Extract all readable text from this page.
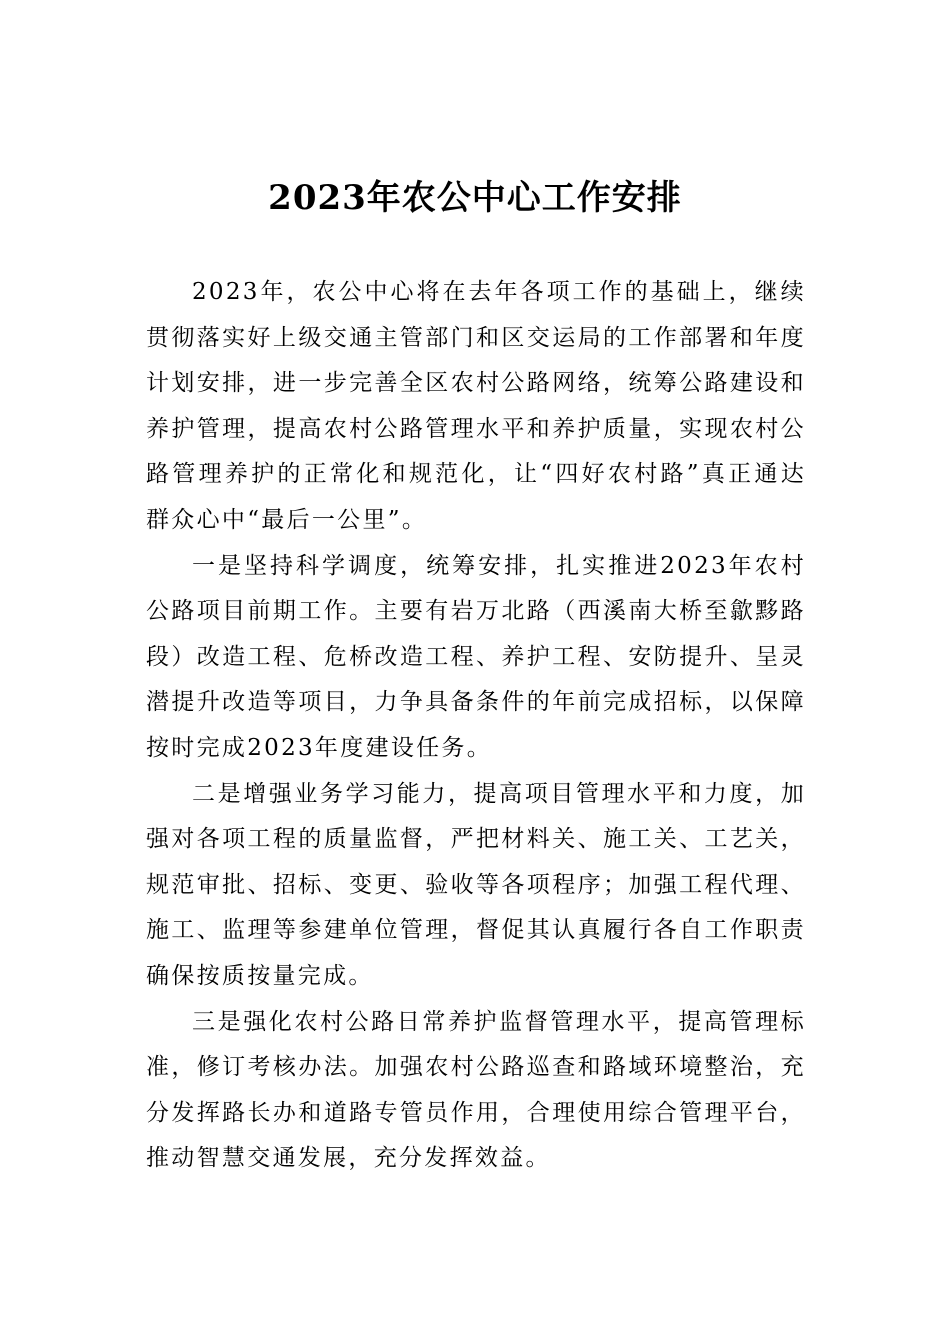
2023年农公中心工作安排

2023年，农公中心将在去年各项工作的基础上，继续贯彻落实好上级交通主管部门和区交运局的工作部署和年度计划安排，进一步完善全区农村公路网络，统筹公路建设和养护管理，提高农村公路管理水平和养护质量，实现农村公路管理养护的正常化和规范化，让“四好农村路”真正通达群众心中“最后一公里”。

一是坚持科学调度，统筹安排，扎实推进2023年农村公路项目前期工作。主要有岩万北路（西溪南大桥至歙黟路段）改造工程、危桥改造工程、养护工程、安防提升、呈灵潜提升改造等项目，力争具备条件的年前完成招标，以保障按时完成2023年度建设任务。

二是增强业务学习能力，提高项目管理水平和力度，加强对各项工程的质量监督，严把材料关、施工关、工艺关，规范审批、招标、变更、验收等各项程序；加强工程代理、施工、监理等参建单位管理，督促其认真履行各自工作职责确保按质按量完成。

三是强化农村公路日常养护监督管理水平，提高管理标准，修订考核办法。加强农村公路巡查和路域环境整治，充分发挥路长办和道路专管员作用，合理使用综合管理平台，推动智慧交通发展，充分发挥效益。
